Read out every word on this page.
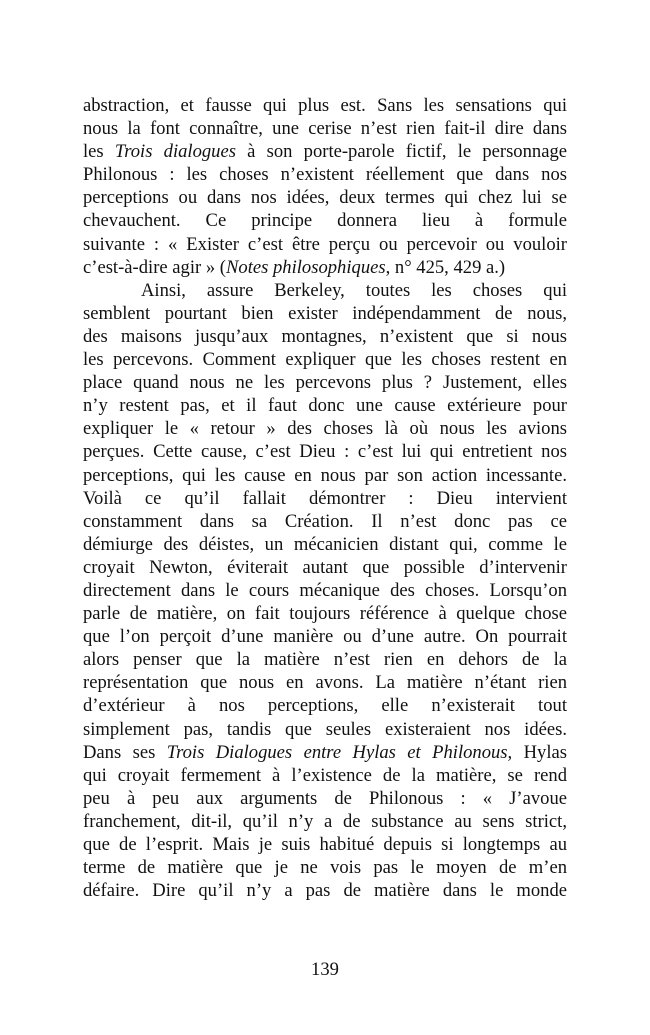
abstraction, et fausse qui plus est. Sans les sensations qui
nous la font connaître, une cerise n’est rien fait-il dire dans
les Trois dialogues à son porte-parole fictif, le personnage
Philonous : les choses n’existent réellement que dans nos
perceptions ou dans nos idées, deux termes qui chez lui se
chevauchent. Ce principe donnera lieu à formule
suivante : « Exister c’est être perçu ou percevoir ou vouloir
c’est-à-dire agir » (Notes philosophiques, n° 425, 429 a.)
Ainsi, assure Berkeley, toutes les choses qui
semblent pourtant bien exister indépendamment de nous,
des maisons jusqu’aux montagnes, n’existent que si nous
les percevons. Comment expliquer que les choses restent en
place quand nous ne les percevons plus ? Justement, elles
n’y restent pas, et il faut donc une cause extérieure pour
expliquer le « retour » des choses là où nous les avions
perçues. Cette cause, c’est Dieu : c’est lui qui entretient nos
perceptions, qui les cause en nous par son action incessante.
Voilà ce qu’il fallait démontrer : Dieu intervient
constamment dans sa Création. Il n’est donc pas ce
démiurge des déistes, un mécanicien distant qui, comme le
croyait Newton, éviterait autant que possible d’intervenir
directement dans le cours mécanique des choses. Lorsqu’on
parle de matière, on fait toujours référence à quelque chose
que l’on perçoit d’une manière ou d’une autre. On pourrait
alors penser que la matière n’est rien en dehors de la
représentation que nous en avons. La matière n’étant rien
d’extérieur à nos perceptions, elle n’existerait tout
simplement pas, tandis que seules existeraient nos idées.
Dans ses Trois Dialogues entre Hylas et Philonous, Hylas
qui croyait fermement à l’existence de la matière, se rend
peu à peu aux arguments de Philonous : « J’avoue
franchement, dit-il, qu’il n’y a de substance au sens strict,
que de l’esprit. Mais je suis habitué depuis si longtemps au
terme de matière que je ne vois pas le moyen de m’en
défaire. Dire qu’il n’y a pas de matière dans le monde
139
